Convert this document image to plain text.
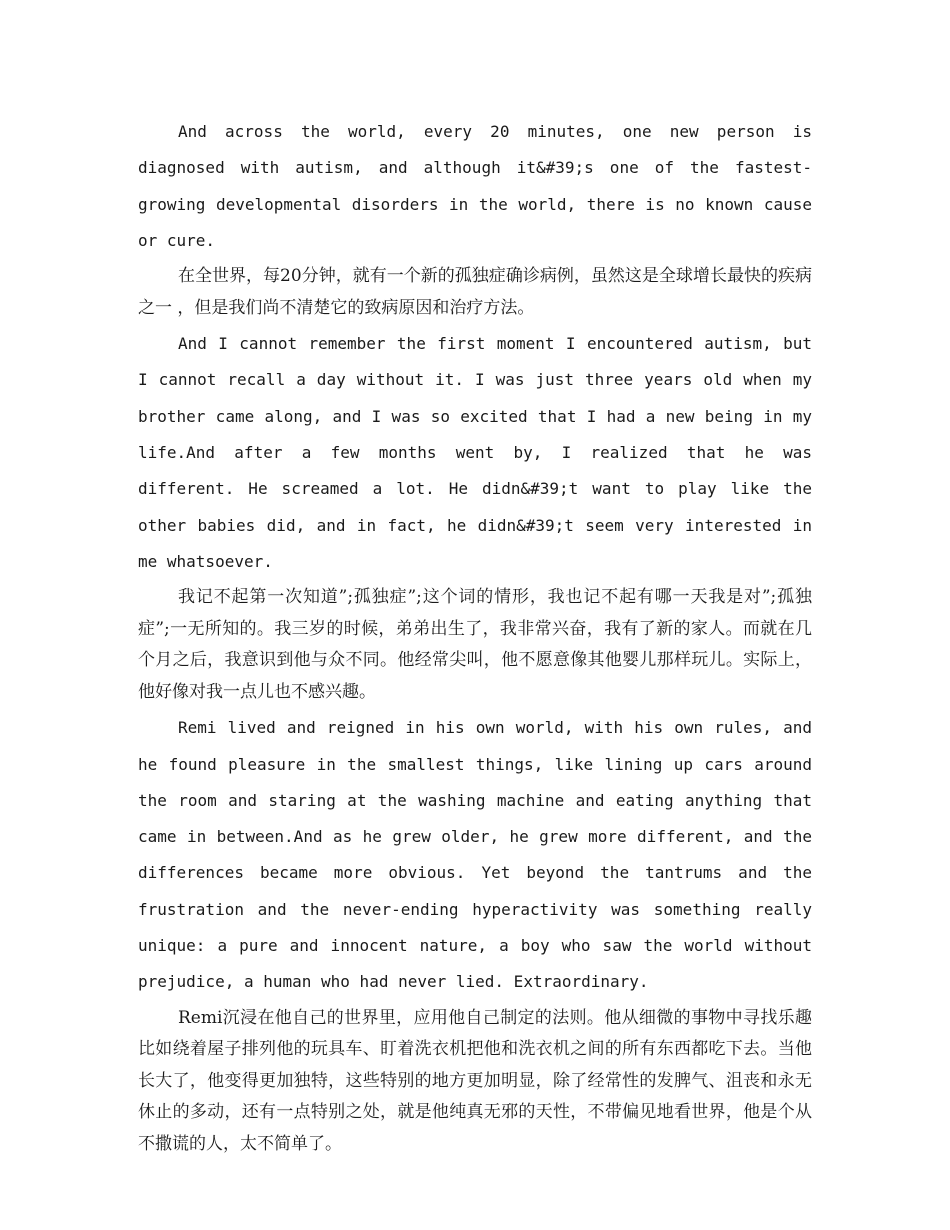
And across the world, every 20 minutes, one new person is diagnosed with autism, and although it&#39;s one of the fastest-growing developmental disorders in the world, there is no known cause or cure.

在全世界，每20分钟，就有一个新的孤独症确诊病例，虽然这是全球增长最快的疾病之一 ，但是我们尚不清楚它的致病原因和治疗方法。

And I cannot remember the first moment I encountered autism, but I cannot recall a day without it. I was just three years old when my brother came along, and I was so excited that I had a new being in my life.And after a few months went by, I realized that he was different. He screamed a lot. He didn&#39;t want to play like the other babies did, and in fact, he didn&#39;t seem very interested in me whatsoever.

我记不起第一次知道”;孤独症”;这个词的情形，我也记不起有哪一天我是对”;孤独症”;一无所知的。我三岁的时候，弟弟出生了，我非常兴奋，我有了新的家人。而就在几个月之后，我意识到他与众不同。他经常尖叫，他不愿意像其他婴儿那样玩儿。实际上，他好像对我一点儿也不感兴趣。

Remi lived and reigned in his own world, with his own rules, and he found pleasure in the smallest things, like lining up cars around the room and staring at the washing machine and eating anything that came in between.And as he grew older, he grew more different, and the differences became more obvious. Yet beyond the tantrums and the frustration and the never-ending hyperactivity was something really unique: a pure and innocent nature, a boy who saw the world without prejudice, a human who had never lied. Extraordinary.

Remi沉浸在他自己的世界里，应用他自己制定的法则。他从细微的事物中寻找乐趣比如绕着屋子排列他的玩具车、盯着洗衣机把他和洗衣机之间的所有东西都吃下去。当他长大了，他变得更加独特，这些特别的地方更加明显，除了经常性的发脾气、沮丧和永无休止的多动，还有一点特别之处，就是他纯真无邪的天性，不带偏见地看世界，他是个从不撒谎的人，太不简单了。
